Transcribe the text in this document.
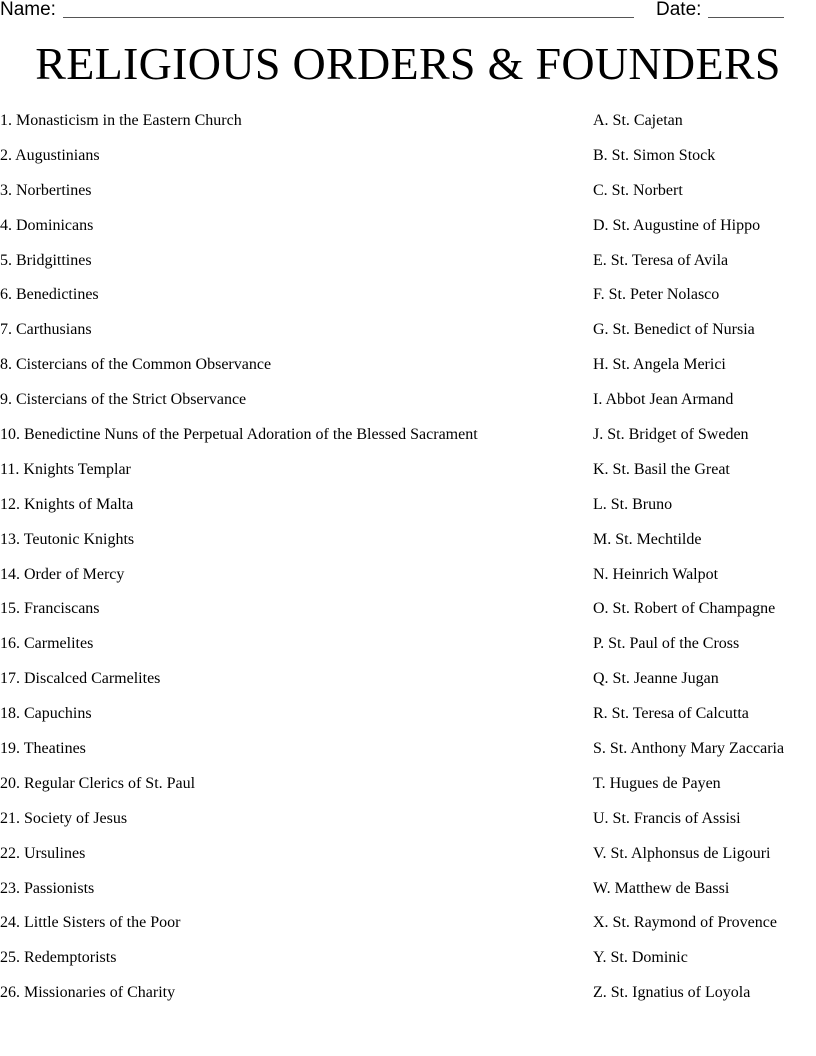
Name:	Date:
RELIGIOUS ORDERS & FOUNDERS
1. Monasticism in the Eastern Church
2. Augustinians
3. Norbertines
4. Dominicans
5. Bridgittines
6. Benedictines
7. Carthusians
8. Cistercians of the Common Observance
9. Cistercians of the Strict Observance
10. Benedictine Nuns of the Perpetual Adoration of the Blessed Sacrament
11. Knights Templar
12. Knights of Malta
13. Teutonic Knights
14. Order of Mercy
15. Franciscans
16. Carmelites
17. Discalced Carmelites
18. Capuchins
19. Theatines
20. Regular Clerics of St. Paul
21. Society of Jesus
22. Ursulines
23. Passionists
24. Little Sisters of the Poor
25. Redemptorists
26. Missionaries of Charity
A. St. Cajetan
B. St. Simon Stock
C. St. Norbert
D. St. Augustine of Hippo
E. St. Teresa of Avila
F. St. Peter Nolasco
G. St. Benedict of Nursia
H. St. Angela Merici
I. Abbot Jean Armand
J. St. Bridget of Sweden
K. St. Basil the Great
L. St. Bruno
M. St. Mechtilde
N. Heinrich Walpot
O. St. Robert of Champagne
P. St. Paul of the Cross
Q. St. Jeanne Jugan
R. St. Teresa of Calcutta
S. St. Anthony Mary Zaccaria
T. Hugues de Payen
U. St. Francis of Assisi
V. St. Alphonsus de Ligouri
W. Matthew de Bassi
X. St. Raymond of Provence
Y. St. Dominic
Z. St. Ignatius of Loyola
